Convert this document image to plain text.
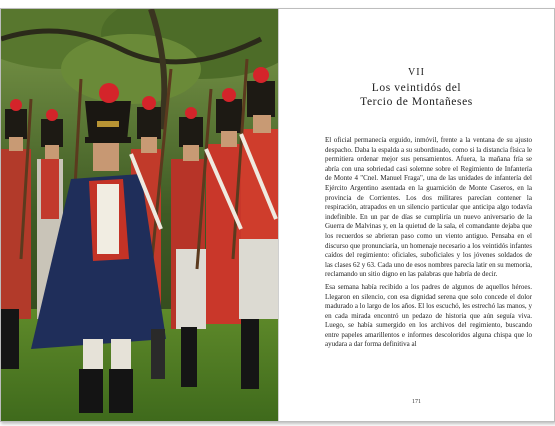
VII
Los veintidós del
Tercio de Montañeses

El oficial permanecía erguido, inmóvil, frente a la ventana de su ajusto despacho. Daba la espalda a su subordinado, como si la distancia física le permitiera ordenar mejor sus pensamientos. Afuera, la mañana fría se abría con una sobriedad casi solemne sobre el Regimiento de Infantería de Monte 4 "Cnel. Manuel Fraga", una de las unidades de infantería del Ejército Argentino asentada en la guarnición de Monte Caseros, en la provincia de Corrientes. Los dos militares parecían contener la respiración, atrapados en un silencio particular que anticipa algo todavía indefinible. En un par de días se cumpliría un nuevo aniversario de la Guerra de Malvinas y, en la quietud de la sala, el comandante dejaba que los recuerdos se abrieran paso como un viento antiguo. Pensaba en el discurso que pronunciaría, un homenaje necesario a los veintidós infantes caídos del regimiento: oficiales, suboficiales y los jóvenes soldados de las clases 62 y 63. Cada uno de esos nombres parecía latir en su memoria, reclamando un sitio digno en las palabras que habría de decir.

Esa semana había recibido a los padres de algunos de aquellos héroes. Llegaron en silencio, con esa dignidad serena que solo concede el dolor madurado a lo largo de los años. El los escuchó, les estrechó las manos, y en cada mirada encontró un pedazo de historia que aún seguía viva. Luego, se había sumergido en los archivos del regimiento, buscando entre papeles amarillentos e informes descoloridos alguna chispa que lo ayudara a dar forma definitiva al

171
